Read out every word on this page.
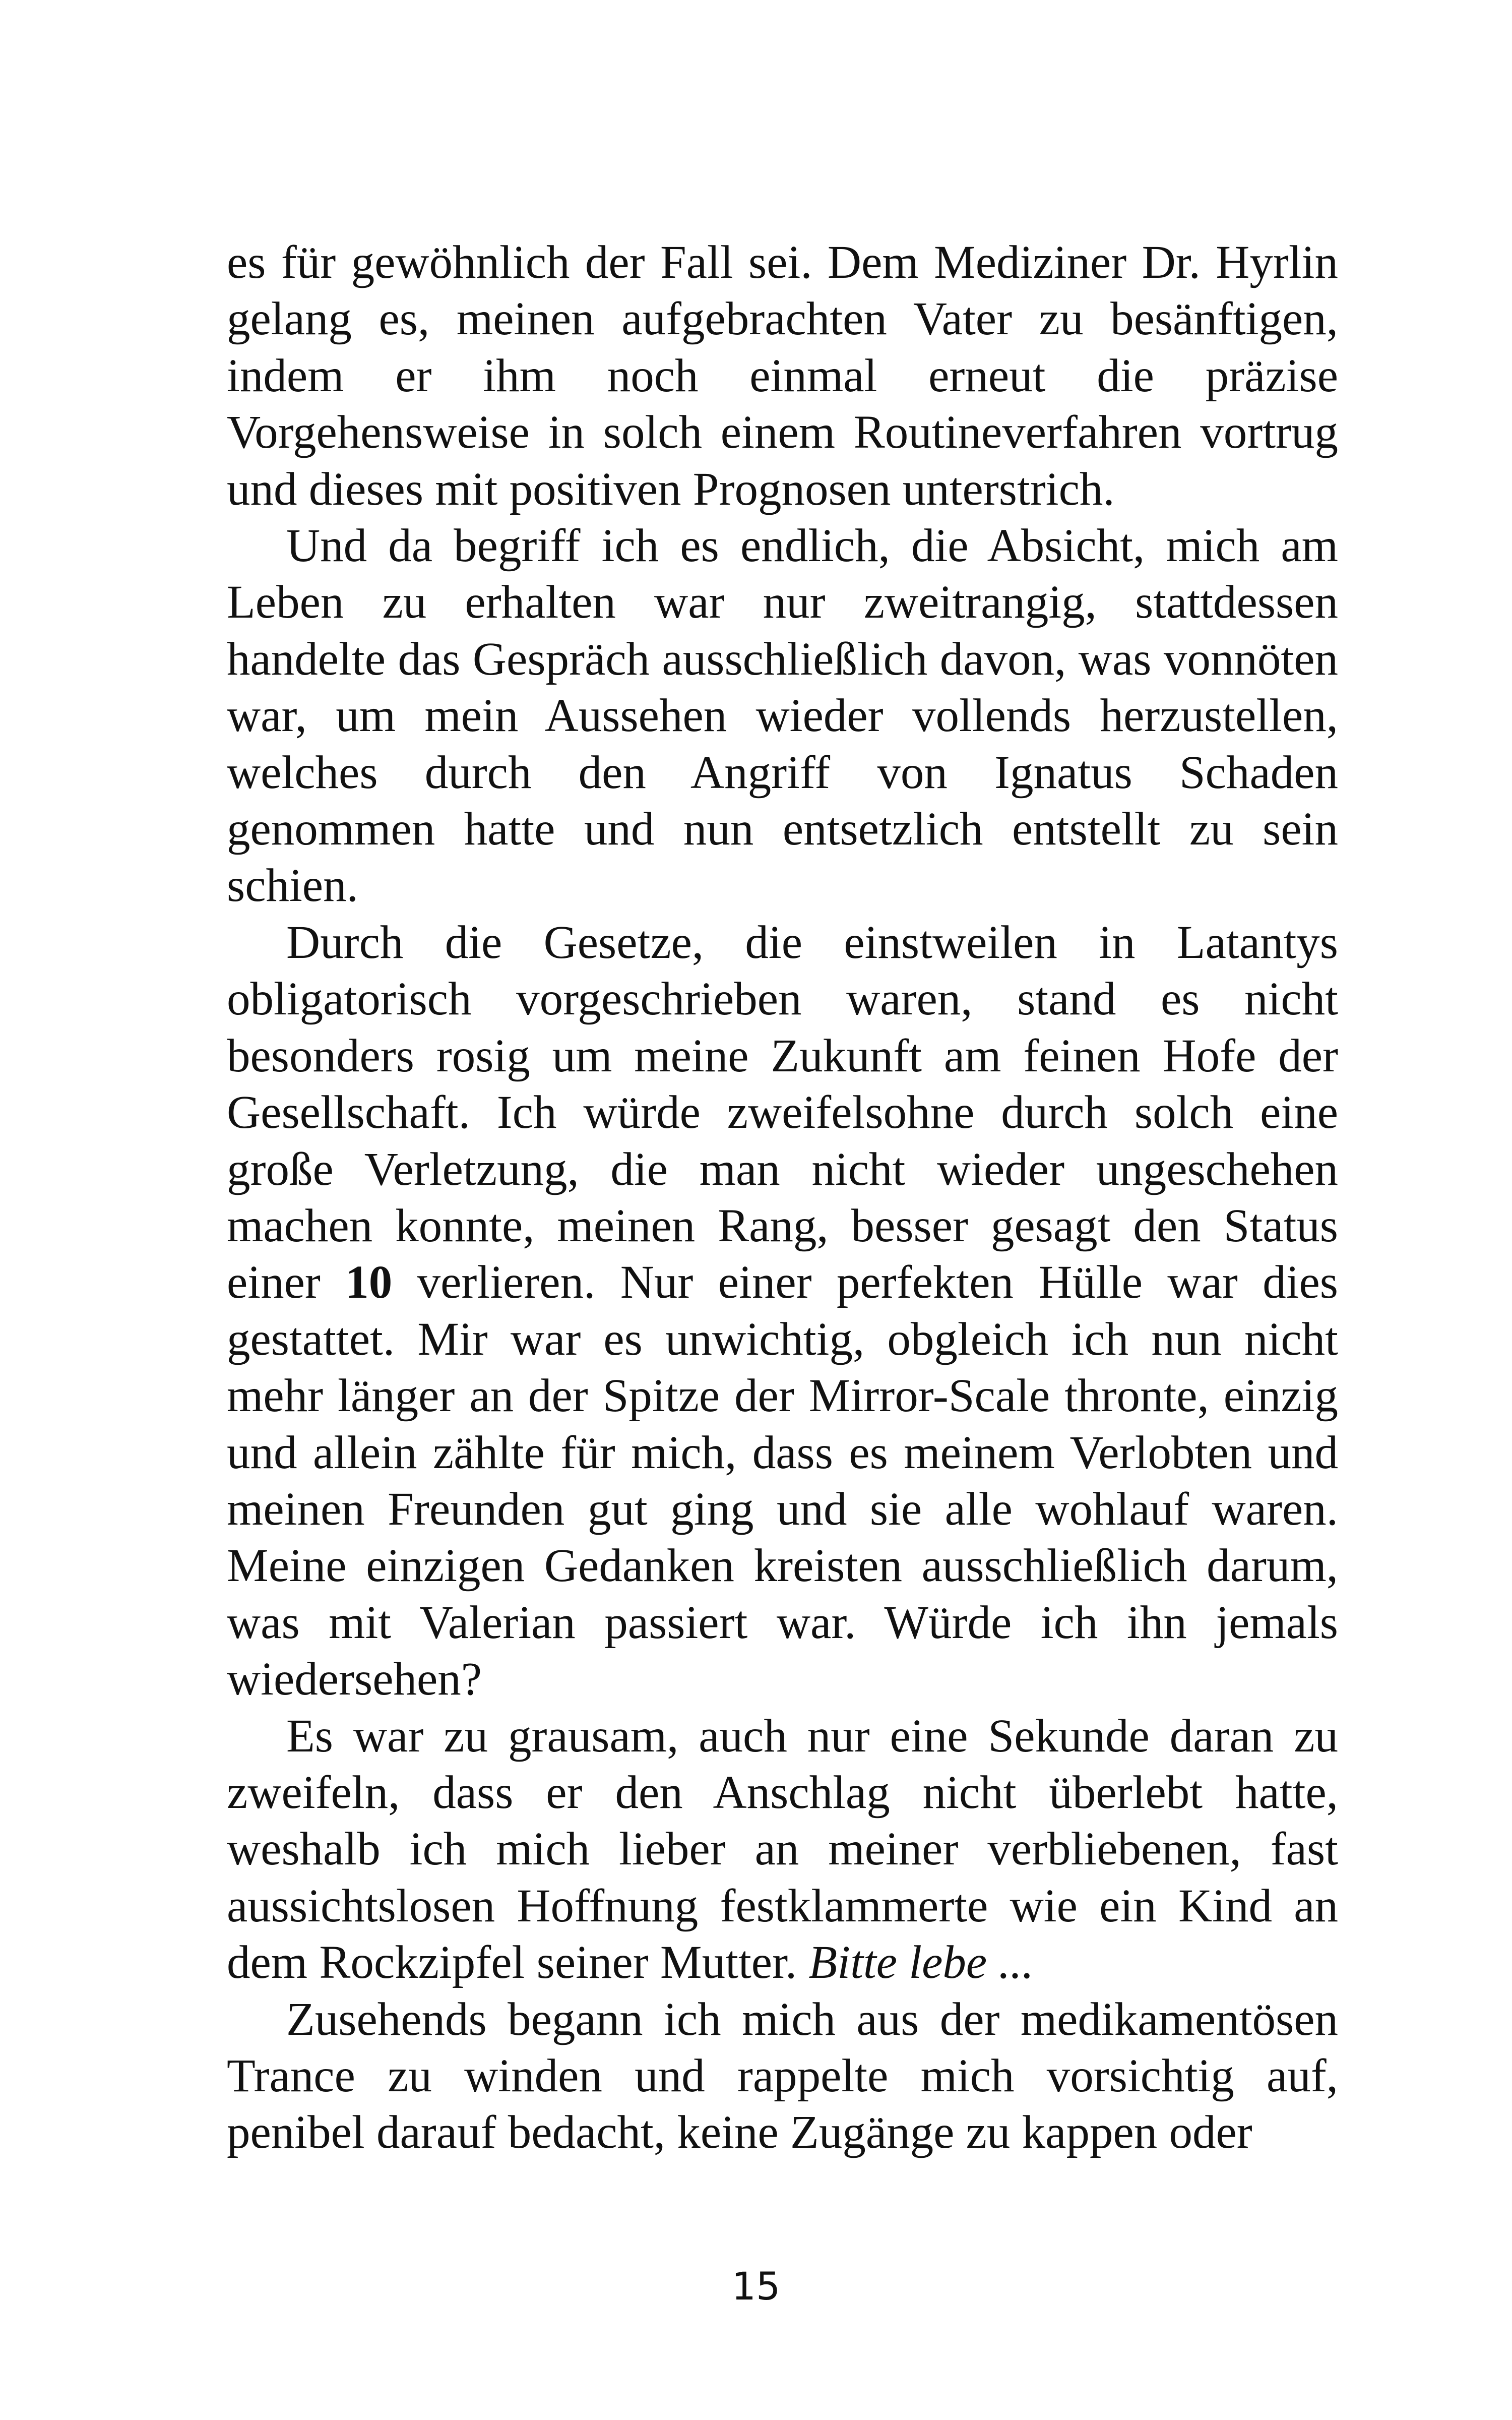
es für gewöhnlich der Fall sei. Dem Mediziner Dr. Hyrlin gelang es, meinen aufgebrachten Vater zu besänftigen, indem er ihm noch einmal erneut die präzise Vorgehensweise in solch einem Routineverfahren vortrug und dieses mit positiven Prognosen unterstrich.

Und da begriff ich es endlich, die Absicht, mich am Leben zu erhalten war nur zweitrangig, stattdessen handelte das Gespräch ausschließlich davon, was vonnöten war, um mein Aussehen wieder vollends herzustellen, welches durch den Angriff von Ignatus Schaden genommen hatte und nun entsetzlich entstellt zu sein schien.

Durch die Gesetze, die einstweilen in Latantys obligatorisch vorgeschrieben waren, stand es nicht besonders rosig um meine Zukunft am feinen Hofe der Gesellschaft. Ich würde zweifelsohne durch solch eine große Verletzung, die man nicht wieder ungeschehen machen konnte, meinen Rang, besser gesagt den Status einer 10 verlieren. Nur einer perfekten Hülle war dies gestattet. Mir war es unwichtig, obgleich ich nun nicht mehr länger an der Spitze der Mirror-Scale thronte, einzig und allein zählte für mich, dass es meinem Verlobten und meinen Freunden gut ging und sie alle wohlauf waren. Meine einzigen Gedanken kreisten ausschließlich darum, was mit Valerian passiert war. Würde ich ihn jemals wiedersehen?

Es war zu grausam, auch nur eine Sekunde daran zu zweifeln, dass er den Anschlag nicht überlebt hatte, weshalb ich mich lieber an meiner verbliebenen, fast aussichtslosen Hoffnung festklammerte wie ein Kind an dem Rockzipfel seiner Mutter. Bitte lebe ...

Zusehends begann ich mich aus der medikamentösen Trance zu winden und rappelte mich vorsichtig auf, penibel darauf bedacht, keine Zugänge zu kappen oder

15
